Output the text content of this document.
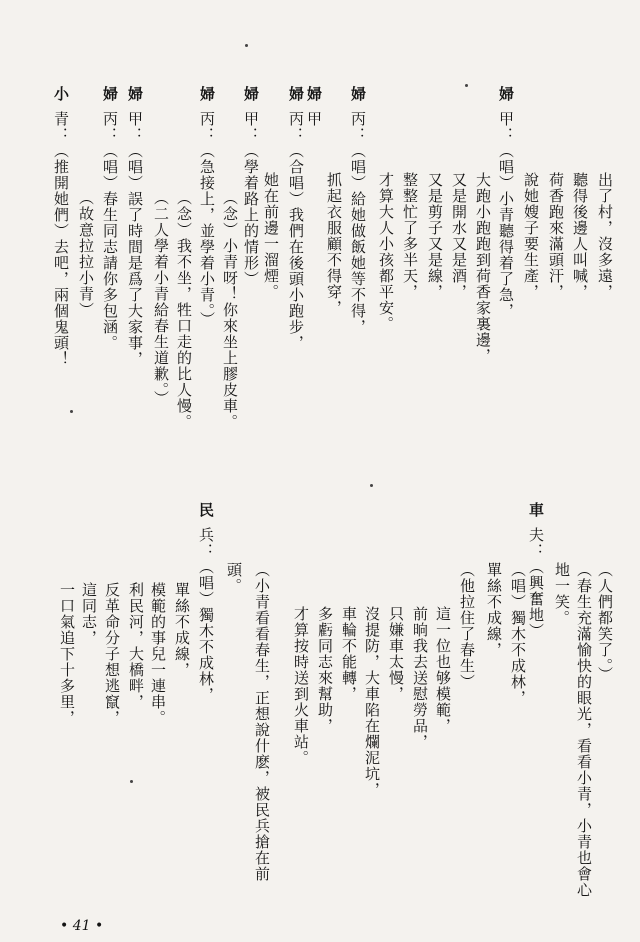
出了村，沒多遠，
聽得後邊人叫喊，
荷香跑來滿頭汗，
說她嫂子要生產，
婦甲：（唱）小青聽得着了急，
大跑小跑跑到荷香家裏邊，
又是開水又是酒，
又是剪子又是線，
整整忙了多半天，
才算大人小孩都平安。
婦丙：（唱）給她做飯她等不得，
抓起衣服顧不得穿，
婦甲
婦丙：（合唱）我們在後頭小跑步，
她在前邊一溜煙。
婦甲：（學着路上的情形）
（念）小青呀！你來坐上膠皮車。
婦丙：（急接上，並學着小青。）
（念）我不坐，牲口走的比人慢。
（二人學着小青給春生道歉。）
婦甲：（唱）誤了時間是爲了大家事，
婦丙：（唱）春生同志請你多包涵。
（故意拉拉小青）
小青：（推開她們）去吧，兩個鬼頭！
（人們都笑了。）
（春生充滿愉快的眼光，看看小青，小青也會心
地一笑。
車夫：（興奮地）
（唱）獨木不成林，
單絲不成線，
（他拉住了春生）
這一位也够模範，
前晌我去送慰勞品，
只嫌車太慢，
沒提防，大車陷在爛泥坑，
車輪不能轉，
多虧同志來幫助，
才算按時送到火車站。
（小青看看春生，正想說什麽，被民兵搶在前
頭。
民兵：（唱）獨木不成林，
單絲不成線，
模範的事兒一連串。
利民河，大橋畔，
反革命分子想逃竄，
這同志，
一口氣追下十多里，
• 41 •
